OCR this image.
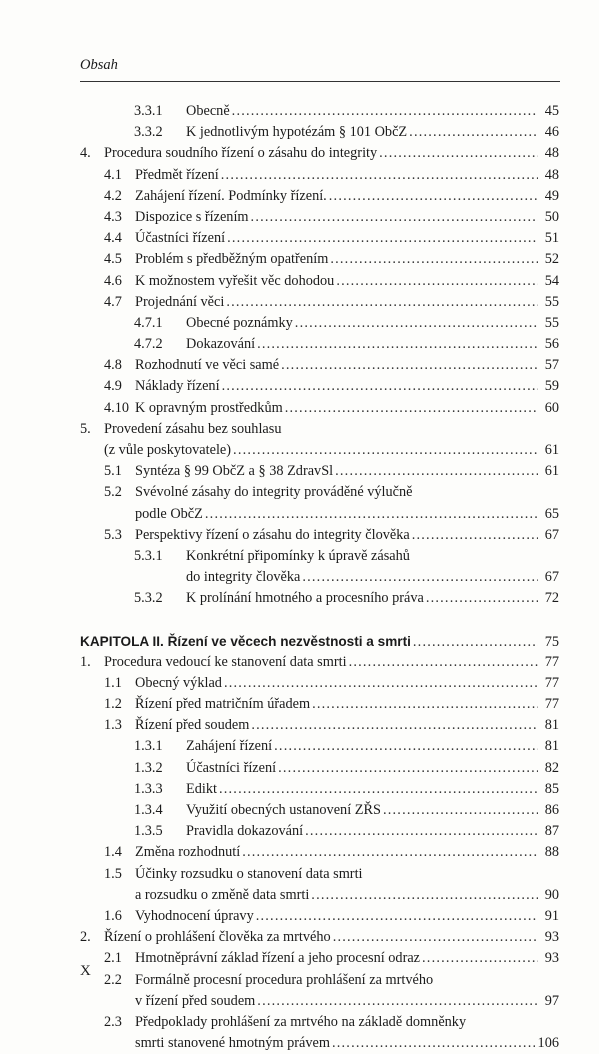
Obsah
3.3.1	Obecně .....	45
3.3.2	K jednotlivým hypotézám § 101 ObčZ .....	46
4. Procedura soudního řízení o zásahu do integrity .....	48
4.1 Předmět řízení .....	48
4.2 Zahájení řízení. Podmínky řízení. .....	49
4.3 Dispozice s řízením .....	50
4.4 Účastníci řízení .....	51
4.5 Problém s předběžným opatřením .....	52
4.6 K možnostem vyřešit věc dohodou .....	54
4.7 Projednání věci .....	55
4.7.1	Obecné poznámky .....	55
4.7.2	Dokazování .....	56
4.8 Rozhodnutí ve věci samé .....	57
4.9 Náklady řízení .....	59
4.10 K opravným prostředkům .....	60
5. Provedení zásahu bez souhlasu
(z vůle poskytovatele) .....	61
5.1 Syntéza § 99 ObčZ a § 38 ZdravSl .....	61
5.2 Svévolné zásahy do integrity prováděné výlučně
podle ObčZ .....	65
5.3 Perspektivy řízení o zásahu do integrity člověka .....	67
5.3.1	Konkrétní připomínky k úpravě zásahů
do integrity člověka .....	67
5.3.2	K prolínání hmotného a procesního práva .....	72
KAPITOLA II. Řízení ve věcech nezvěstnosti a smrti .....	75
1. Procedura vedoucí ke stanovení data smrti .....	77
1.1 Obecný výklad .....	77
1.2 Řízení před matričním úřadem .....	77
1.3 Řízení před soudem .....	81
1.3.1	Zahájení řízení .....	81
1.3.2	Účastníci řízení .....	82
1.3.3	Edikt .....	85
1.3.4	Využití obecných ustanovení ZŘS .....	86
1.3.5	Pravidla dokazování .....	87
1.4 Změna rozhodnutí .....	88
1.5 Účinky rozsudku o stanovení data smrti
a rozsudku o změně data smrti .....	90
1.6 Vyhodnocení úpravy .....	91
2. Řízení o prohlášení člověka za mrtvého .....	93
2.1 Hmotněprávní základ řízení a jeho procesní odraz .....	93
2.2 Formálně procesní procedura prohlášení za mrtvého
v řízení před soudem .....	97
2.3 Předpoklady prohlášení za mrtvého na základě domněnky
smrti stanovené hmotným právem .....	106
X
